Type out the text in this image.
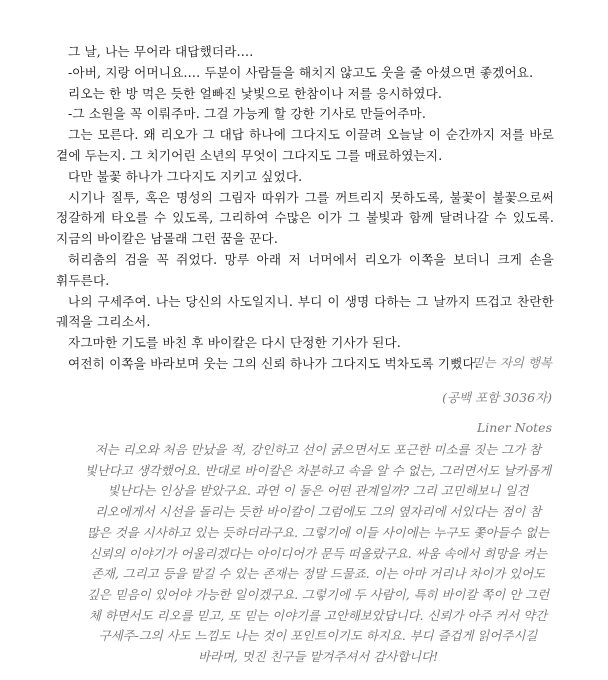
그 날, 나는 무어라 대답했더라….

-아버, 지랑 어머니요…. 두분이 사람들을 해치지 않고도 웃을 줄 아셨으면 좋겠어요.

리오는 한 방 먹은 듯한 얼빠진 낯빛으로 한참이나 저를 응시하였다.

-그 소원을 꼭 이뤄주마. 그걸 가능케 할 강한 기사로 만들어주마.

그는 모른다. 왜 리오가 그 대답 하나에 그다지도 이끌려 오늘날 이 순간까지 저를 바로 곁에 두는지. 그 치기어린 소년의 무엇이 그다지도 그를 매료하였는지.

다만 불꽃 하나가 그다지도 지키고 싶었다.

시기나 질투, 혹은 명성의 그림자 따위가 그를 꺼트리지 못하도록, 불꽃이 불꽃으로써 정갈하게 타오를 수 있도록, 그리하여 수많은 이가 그 불빛과 함께 달려나갈 수 있도록. 지금의 바이칼은 남몰래 그런 꿈을 꾼다.

허리춤의 검을 꼭 쥐었다. 망루 아래 저 너머에서 리오가 이쪽을 보더니 크게 손을 휘두른다.

나의 구세주여. 나는 당신의 사도일지니. 부디 이 생명 다하는 그 날까지 뜨겁고 찬란한 궤적을 그리소서.

자그마한 기도를 바친 후 바이칼은 다시 단정한 기사가 된다.

여전히 이쪽을 바라보며 웃는 그의 신뢰 하나가 그다지도 벅차도록 기뻤다.

믿는 자의 행복
(공백 포함 3036자)
Liner Notes

저는 리오와 처음 만났을 적, 강인하고 선이 굵으면서도 포근한 미소를 짓는 그가 참 빛난다고 생각했어요. 반대로 바이칼은 차분하고 속을 알 수 없는, 그러면서도 날카롭게 빛난다는 인상을 받았구요. 과연 이 둘은 어떤 관계일까? 그리 고민해보니 일견 리오에게서 시선을 돌리는 듯한 바이칼이 그럼에도 그의 옆자리에 서있다는 점이 참 많은 것을 시사하고 있는 듯하더라구요. 그렇기에 이들 사이에는 누구도 쫓아들수 없는 신뢰의 이야기가 어울리겠다는 아이디어가 문득 떠올랐구요. 싸움 속에서 희망을 켜는 존재, 그리고 등을 맡길 수 있는 존재는 정말 드물죠. 이는 아마 거리나 차이가 있어도 깊은 믿음이 있어야 가능한 일이겠구요. 그렇기에 두 사람이, 특히 바이칼 쪽이 안 그런 체 하면서도 리오를 믿고, 또 믿는 이야기를 고안해보았답니다. 신뢰가 아주 커서 약간 구세주-그의 사도 느낌도 나는 것이 포인트이기도 하지요. 부디 즐겁게 읽어주시길 바라며, 멋진 친구들 맡겨주셔서 감사합니다!
